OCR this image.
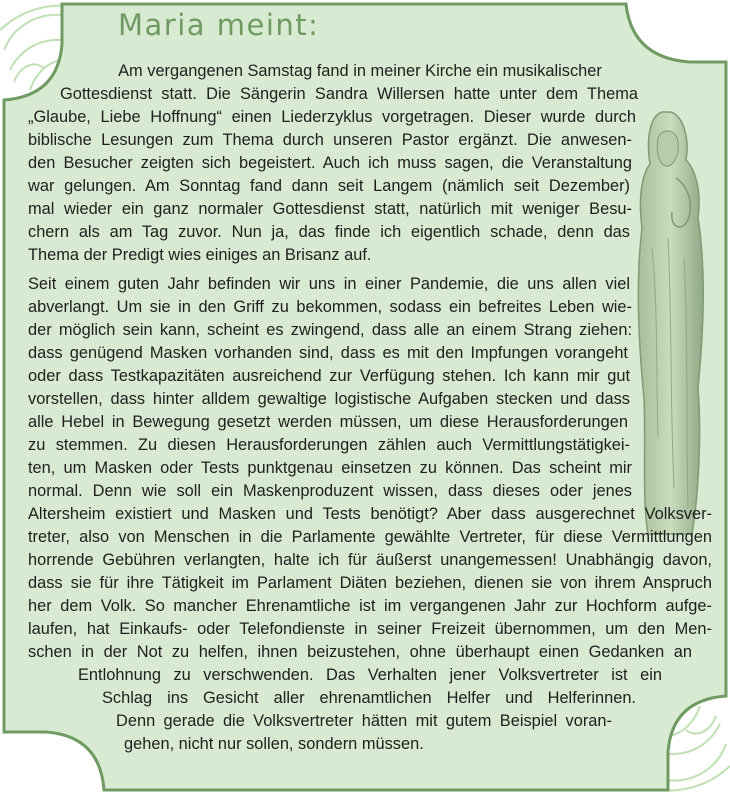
Maria meint:
Am vergangenen Samstag fand in meiner Kirche ein musikalischer
Gottesdienst statt. Die Sängerin Sandra Willersen hatte unter dem Thema
„Glaube, Liebe Hoffnung“ einen Liederzyklus vorgetragen. Dieser wurde durch
biblische Lesungen zum Thema durch unseren Pastor ergänzt. Die anwesen-
den Besucher zeigten sich begeistert. Auch ich muss sagen, die Veranstaltung
war gelungen. Am Sonntag fand dann seit Langem (nämlich seit Dezember)
mal wieder ein ganz normaler Gottesdienst statt, natürlich mit weniger Besu-
chern als am Tag zuvor. Nun ja, das finde ich eigentlich schade, denn das
Thema der Predigt wies einiges an Brisanz auf.
Seit einem guten Jahr befinden wir uns in einer Pandemie, die uns allen viel
abverlangt. Um sie in den Griff zu bekommen, sodass ein befreites Leben wie-
der möglich sein kann, scheint es zwingend, dass alle an einem Strang ziehen:
dass genügend Masken vorhanden sind, dass es mit den Impfungen vorangeht
oder dass Testkapazitäten ausreichend zur Verfügung stehen. Ich kann mir gut
vorstellen, dass hinter alldem gewaltige logistische Aufgaben stecken und dass
alle Hebel in Bewegung gesetzt werden müssen, um diese Herausforderungen
zu stemmen. Zu diesen Herausforderungen zählen auch Vermittlungstätigkei-
ten, um Masken oder Tests punktgenau einsetzen zu können. Das scheint mir
normal. Denn wie soll ein Maskenproduzent wissen, dass dieses oder jenes
Altersheim existiert und Masken und Tests benötigt? Aber dass ausgerechnet Volksver-
treter, also von Menschen in die Parlamente gewählte Vertreter, für diese Vermittlungen
horrende Gebühren verlangten, halte ich für äußerst unangemessen! Unabhängig davon,
dass sie für ihre Tätigkeit im Parlament Diäten beziehen, dienen sie von ihrem Anspruch
her dem Volk. So mancher Ehrenamtliche ist im vergangenen Jahr zur Hochform aufge-
laufen, hat Einkaufs- oder Telefondienste in seiner Freizeit übernommen, um den Men-
schen in der Not zu helfen, ihnen beizustehen, ohne überhaupt einen Gedanken an
Entlohnung zu verschwenden. Das Verhalten jener Volksvertreter ist ein
Schlag ins Gesicht aller ehrenamtlichen Helfer und Helferinnen.
Denn gerade die Volksvertreter hätten mit gutem Beispiel voran-
gehen, nicht nur sollen, sondern müssen.
